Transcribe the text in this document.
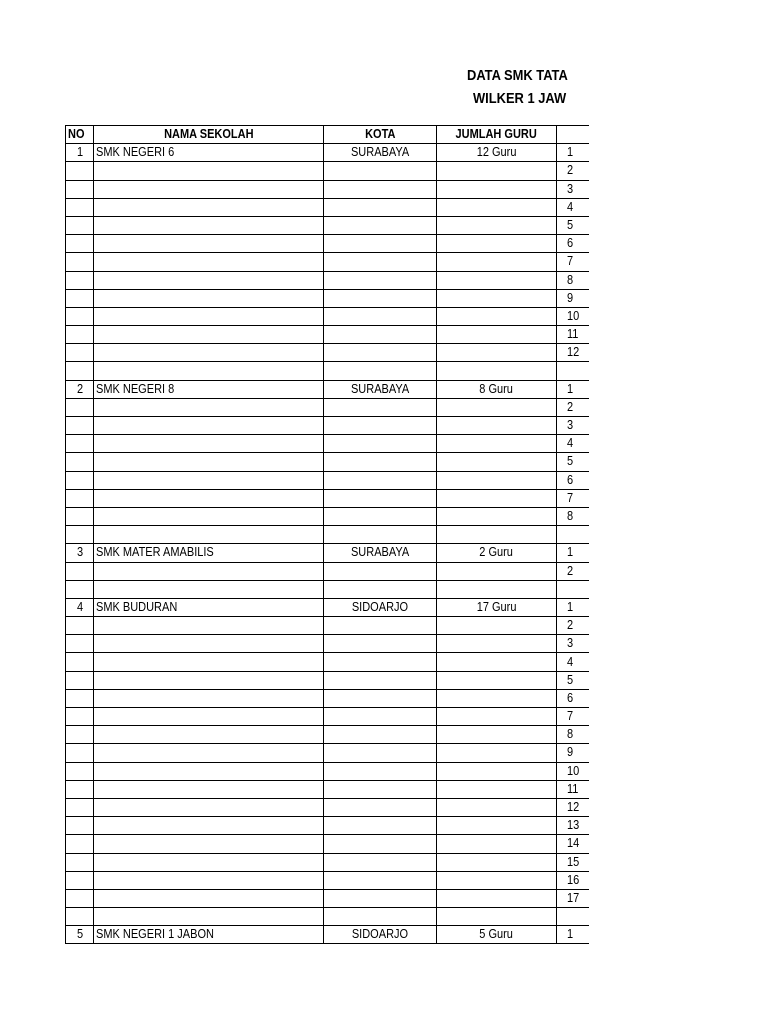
DATA SMK TATA
WILKER 1 JAW
NO	NAMA SEKOLAH	KOTA	JUMLAH GURU	
1	SMK NEGERI 6	SURABAYA	12 Guru	1
				2
				3
				4
				5
				6
				7
				8
				9
				10
				11
				12

2	SMK NEGERI 8	SURABAYA	8 Guru	1
				2
				3
				4
				5
				6
				7
				8

3	SMK MATER AMABILIS	SURABAYA	2 Guru	1
				2

4	SMK BUDURAN	SIDOARJO	17 Guru	1
				2
				3
				4
				5
				6
				7
				8
				9
				10
				11
				12
				13
				14
				15
				16
				17

5	SMK NEGERI 1 JABON	SIDOARJO	5 Guru	1
